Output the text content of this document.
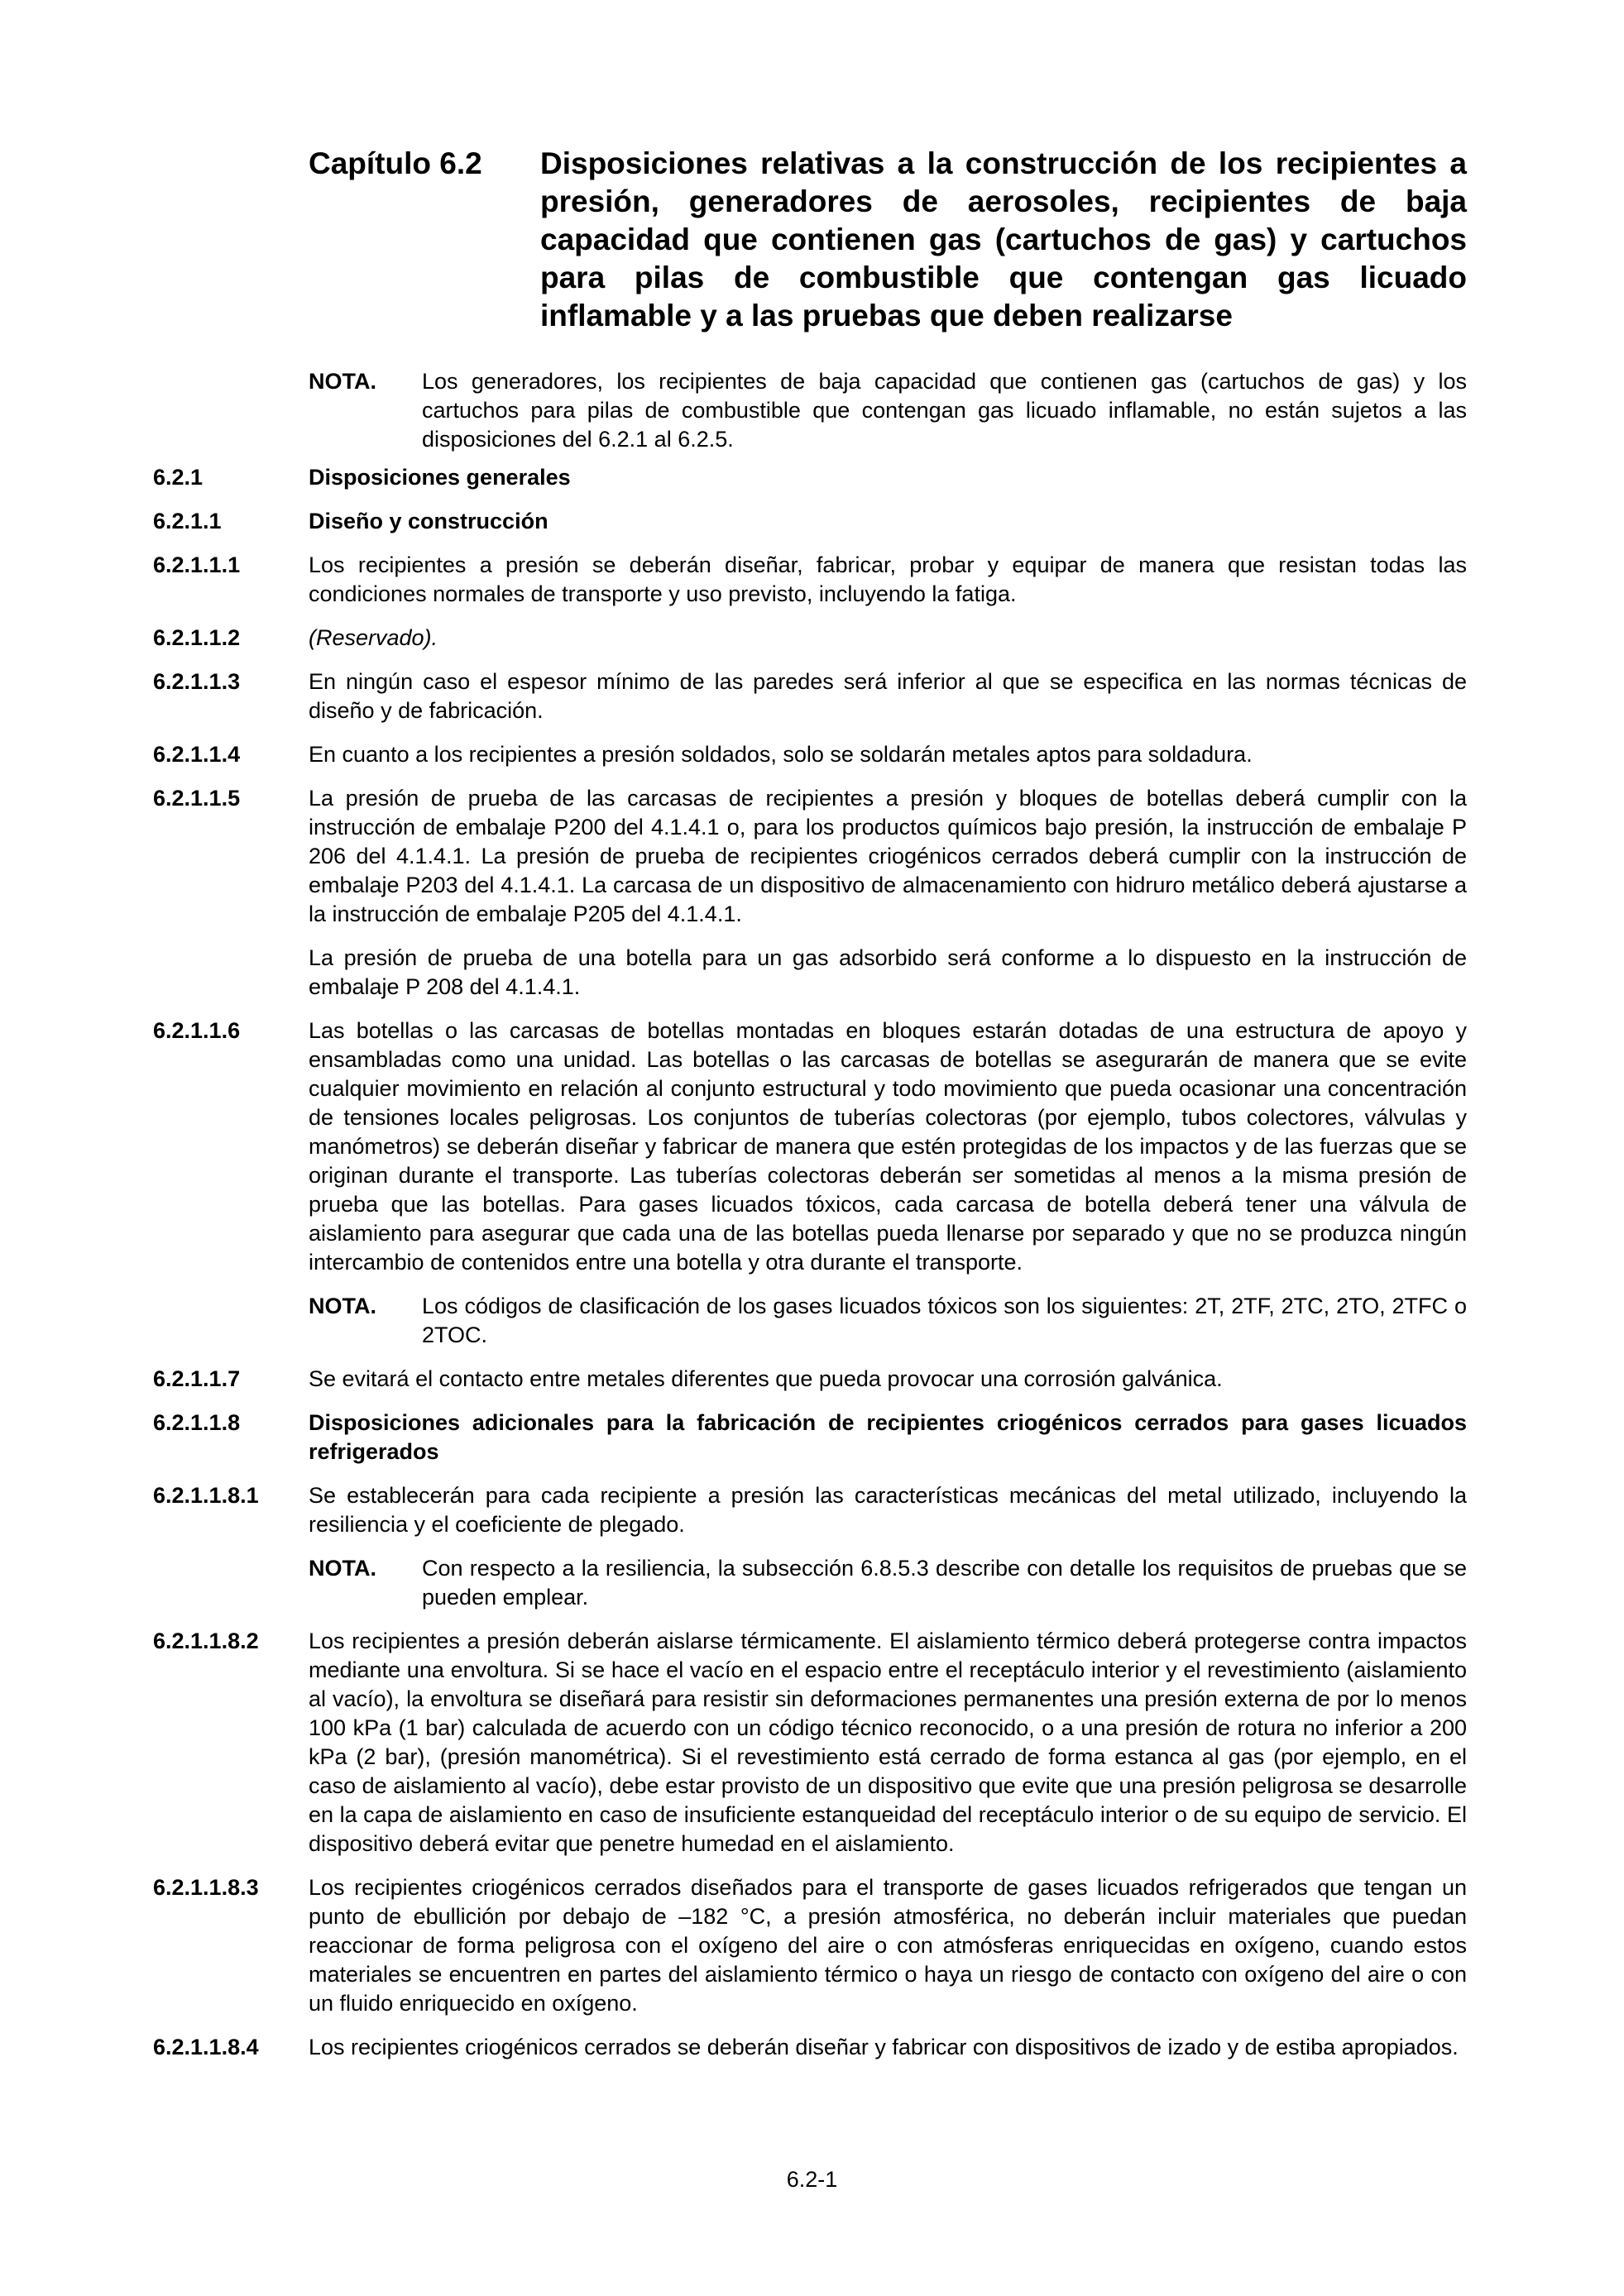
Capítulo 6.2 Disposiciones relativas a la construcción de los recipientes a presión, generadores de aerosoles, recipientes de baja capacidad que contienen gas (cartuchos de gas) y cartuchos para pilas de combustible que contengan gas licuado inflamable y a las pruebas que deben realizarse
NOTA. Los generadores, los recipientes de baja capacidad que contienen gas (cartuchos de gas) y los cartuchos para pilas de combustible que contengan gas licuado inflamable, no están sujetos a las disposiciones del 6.2.1 al 6.2.5.
6.2.1	Disposiciones generales
6.2.1.1	Diseño y construcción
6.2.1.1.1	Los recipientes a presión se deberán diseñar, fabricar, probar y equipar de manera que resistan todas las condiciones normales de transporte y uso previsto, incluyendo la fatiga.
6.2.1.1.2	(Reservado).
6.2.1.1.3	En ningún caso el espesor mínimo de las paredes será inferior al que se especifica en las normas técnicas de diseño y de fabricación.
6.2.1.1.4	En cuanto a los recipientes a presión soldados, solo se soldarán metales aptos para soldadura.
6.2.1.1.5	La presión de prueba de las carcasas de recipientes a presión y bloques de botellas deberá cumplir con la instrucción de embalaje P200 del 4.1.4.1 o, para los productos químicos bajo presión, la instrucción de embalaje P 206 del 4.1.4.1. La presión de prueba de recipientes criogénicos cerrados deberá cumplir con la instrucción de embalaje P203 del 4.1.4.1. La carcasa de un dispositivo de almacenamiento con hidruro metálico deberá ajustarse a la instrucción de embalaje P205 del 4.1.4.1.
La presión de prueba de una botella para un gas adsorbido será conforme a lo dispuesto en la instrucción de embalaje P 208 del 4.1.4.1.
6.2.1.1.6	Las botellas o las carcasas de botellas montadas en bloques estarán dotadas de una estructura de apoyo y ensambladas como una unidad. Las botellas o las carcasas de botellas se asegurarán de manera que se evite cualquier movimiento en relación al conjunto estructural y todo movimiento que pueda ocasionar una concentración de tensiones locales peligrosas. Los conjuntos de tuberías colectoras (por ejemplo, tubos colectores, válvulas y manómetros) se deberán diseñar y fabricar de manera que estén protegidas de los impactos y de las fuerzas que se originan durante el transporte. Las tuberías colectoras deberán ser sometidas al menos a la misma presión de prueba que las botellas. Para gases licuados tóxicos, cada carcasa de botella deberá tener una válvula de aislamiento para asegurar que cada una de las botellas pueda llenarse por separado y que no se produzca ningún intercambio de contenidos entre una botella y otra durante el transporte.
NOTA.	Los códigos de clasificación de los gases licuados tóxicos son los siguientes: 2T, 2TF, 2TC, 2TO, 2TFC o 2TOC.
6.2.1.1.7	Se evitará el contacto entre metales diferentes que pueda provocar una corrosión galvánica.
6.2.1.1.8	Disposiciones adicionales para la fabricación de recipientes criogénicos cerrados para gases licuados refrigerados
6.2.1.1.8.1	Se establecerán para cada recipiente a presión las características mecánicas del metal utilizado, incluyendo la resiliencia y el coeficiente de plegado.
NOTA.	Con respecto a la resiliencia, la subsección 6.8.5.3 describe con detalle los requisitos de pruebas que se pueden emplear.
6.2.1.1.8.2	Los recipientes a presión deberán aislarse térmicamente. El aislamiento térmico deberá protegerse contra impactos mediante una envoltura. Si se hace el vacío en el espacio entre el receptáculo interior y el revestimiento (aislamiento al vacío), la envoltura se diseñará para resistir sin deformaciones permanentes una presión externa de por lo menos 100 kPa (1 bar) calculada de acuerdo con un código técnico reconocido, o a una presión de rotura no inferior a 200 kPa (2 bar), (presión manométrica). Si el revestimiento está cerrado de forma estanca al gas (por ejemplo, en el caso de aislamiento al vacío), debe estar provisto de un dispositivo que evite que una presión peligrosa se desarrolle en la capa de aislamiento en caso de insuficiente estanqueidad del receptáculo interior o de su equipo de servicio. El dispositivo deberá evitar que penetre humedad en el aislamiento.
6.2.1.1.8.3	Los recipientes criogénicos cerrados diseñados para el transporte de gases licuados refrigerados que tengan un punto de ebullición por debajo de –182 °C, a presión atmosférica, no deberán incluir materiales que puedan reaccionar de forma peligrosa con el oxígeno del aire o con atmósferas enriquecidas en oxígeno, cuando estos materiales se encuentren en partes del aislamiento térmico o haya un riesgo de contacto con oxígeno del aire o con un fluido enriquecido en oxígeno.
6.2.1.1.8.4	Los recipientes criogénicos cerrados se deberán diseñar y fabricar con dispositivos de izado y de estiba apropiados.
6.2-1
